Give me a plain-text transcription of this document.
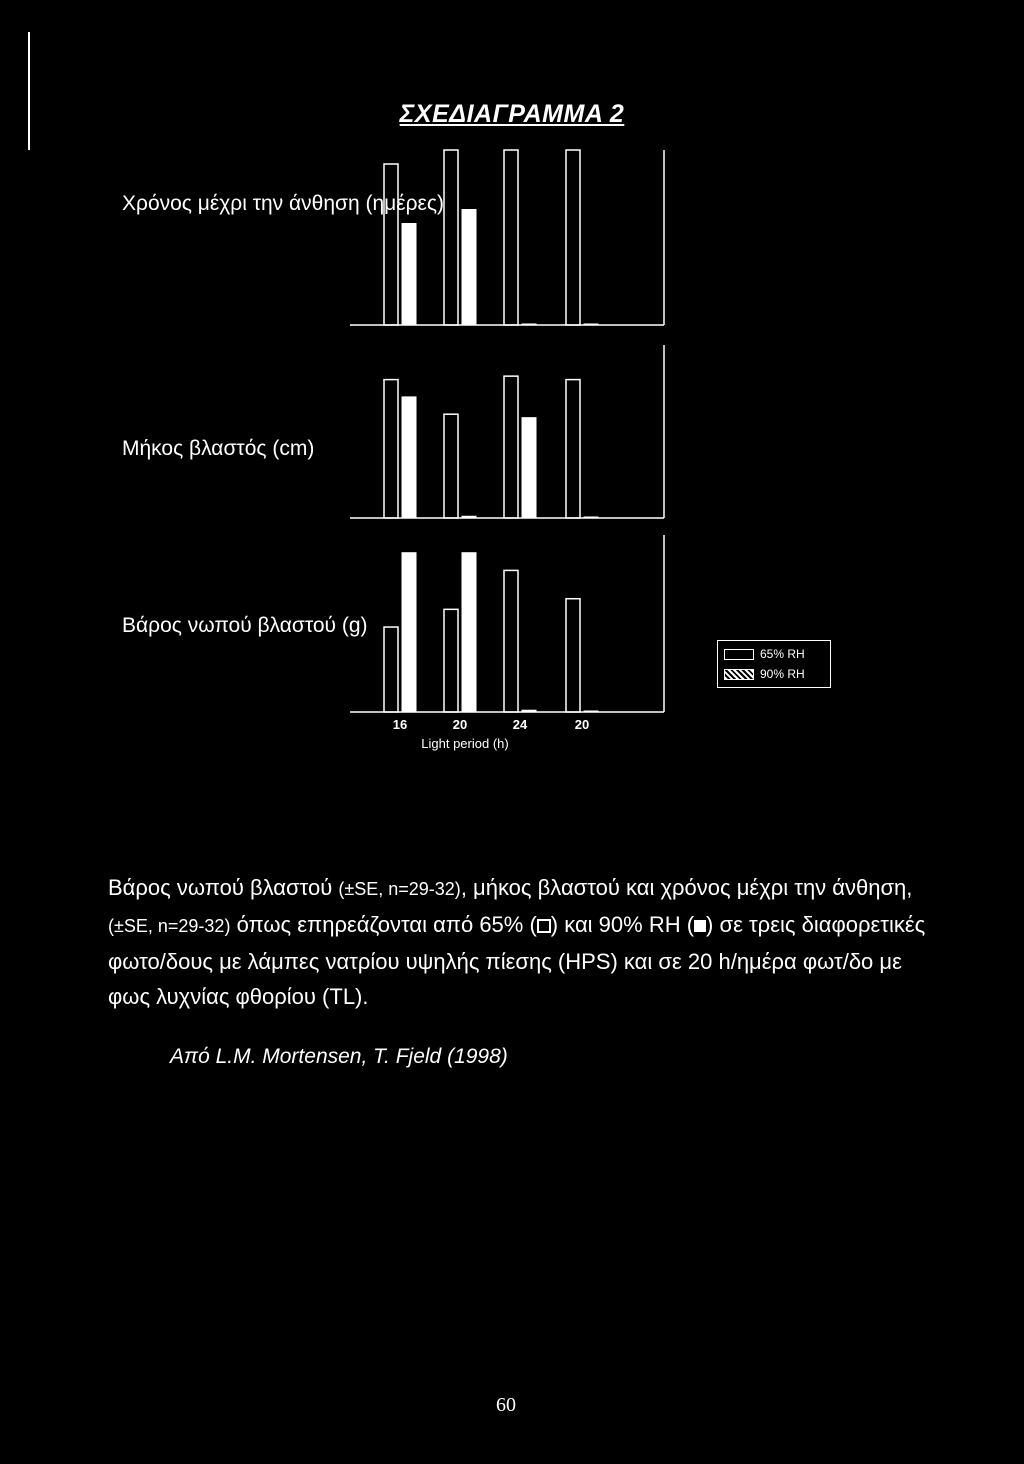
ΣΧΕΔΙΑΓΡΑΜΜΑ 2
Χρόνος μέχρι την άνθηση (ημέρες)
Μήκος βλαστός (cm)
Βάρος νωπού βλαστού (g)
16	20	24	20
Light period (h)
65% RH
90% RH
Βάρος νωπού βλαστού (±SE, n=29-32), μήκος βλαστού και χρόνος μέχρι την άνθηση, (±SE, n=29-32) όπως επηρεάζονται από 65% ( ) και 90% RH ( ) σε τρεις διαφορετικές φωτο/δους με λάμπες νατρίου υψηλής πίεσης (HPS) και σε 20 h/ημέρα φωτ/δο με φως λυχνίας φθορίου (TL).
Από L.M. Mortensen, T. Fjeld (1998)
60
